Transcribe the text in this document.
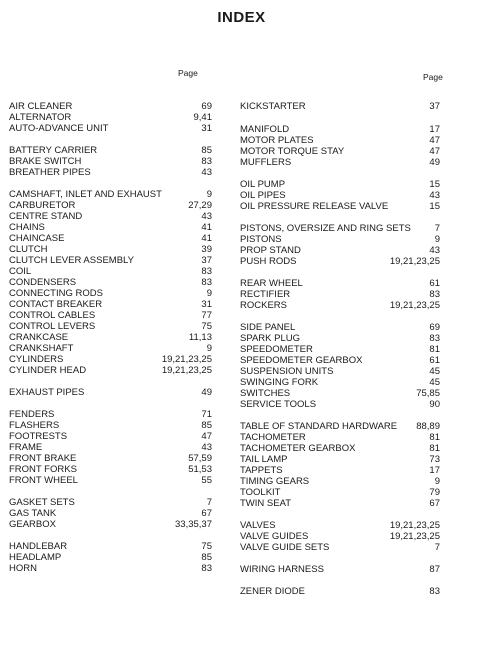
INDEX
Page	Page
AIR CLEANER	69
ALTERNATOR	9,41
AUTO-ADVANCE UNIT	31
BATTERY CARRIER	85
BRAKE SWITCH	83
BREATHER PIPES	43
CAMSHAFT, INLET AND EXHAUST	9
CARBURETOR	27,29
CENTRE STAND	43
CHAINS	41
CHAINCASE	41
CLUTCH	39
CLUTCH LEVER ASSEMBLY	37
COIL	83
CONDENSERS	83
CONNECTING RODS	9
CONTACT BREAKER	31
CONTROL CABLES	77
CONTROL LEVERS	75
CRANKCASE	11,13
CRANKSHAFT	9
CYLINDERS	19,21,23,25
CYLINDER HEAD	19,21,23,25
EXHAUST PIPES	49
FENDERS	71
FLASHERS	85
FOOTRESTS	47
FRAME	43
FRONT BRAKE	57,59
FRONT FORKS	51,53
FRONT WHEEL	55
GASKET SETS	7
GAS TANK	67
GEARBOX	33,35,37
HANDLEBAR	75
HEADLAMP	85
HORN	83
KICKSTARTER	37
MANIFOLD	17
MOTOR PLATES	47
MOTOR TORQUE STAY	47
MUFFLERS	49
OIL PUMP	15
OIL PIPES	43
OIL PRESSURE RELEASE VALVE	15
PISTONS, OVERSIZE AND RING SETS	7
PISTONS	9
PROP STAND	43
PUSH RODS	19,21,23,25
REAR WHEEL	61
RECTIFIER	83
ROCKERS	19,21,23,25
SIDE PANEL	69
SPARK PLUG	83
SPEEDOMETER	81
SPEEDOMETER GEARBOX	61
SUSPENSION UNITS	45
SWINGING FORK	45
SWITCHES	75,85
SERVICE TOOLS	90
TABLE OF STANDARD HARDWARE 88,89
TACHOMETER	81
TACHOMETER GEARBOX	81
TAIL LAMP	73
TAPPETS	17
TIMING GEARS	9
TOOLKIT	79
TWIN SEAT	67
VALVES	19,21,23,25
VALVE GUIDES	19,21,23,25
VALVE GUIDE SETS	7
WIRING HARNESS	87
ZENER DIODE	83
